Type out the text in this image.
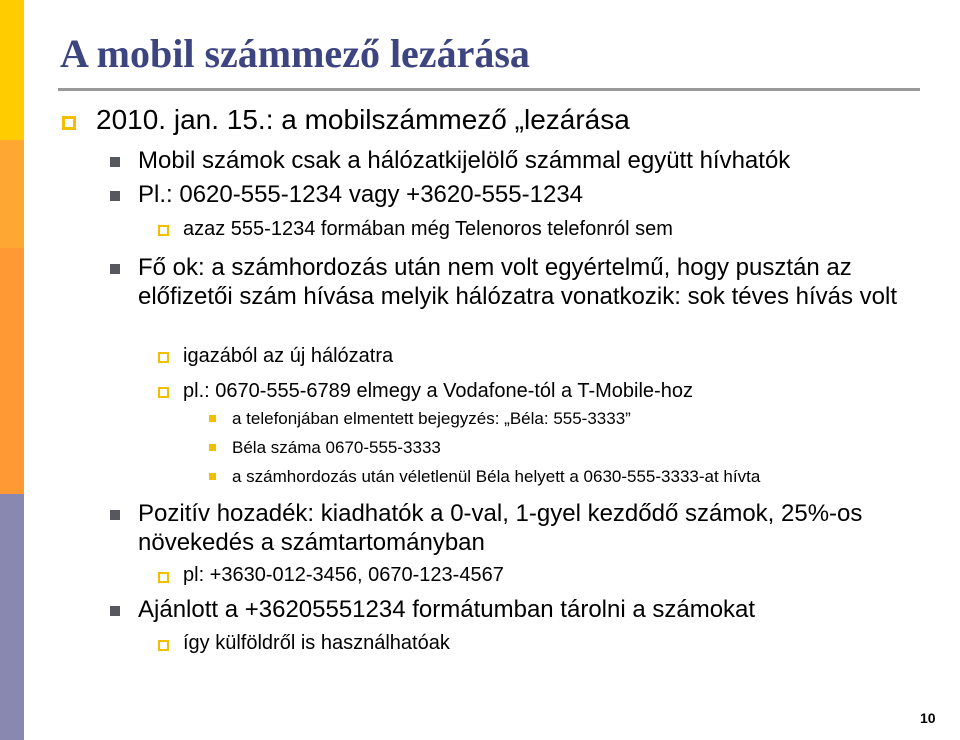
A mobil számmező lezárása
2010. jan. 15.: a mobilszámmező „lezárása
Mobil számok csak a hálózatkijelölő számmal együtt hívhatók
Pl.: 0620-555-1234 vagy +3620-555-1234
azaz 555-1234 formában még Telenoros telefonról sem
Fő ok: a számhordozás után nem volt egyértelmű, hogy pusztán az előfizetői szám hívása melyik hálózatra vonatkozik: sok téves hívás volt
igazából az új hálózatra
pl.: 0670-555-6789 elmegy a Vodafone-tól a T-Mobile-hoz
a telefonjában elmentett bejegyzés: „Béla: 555-3333”
Béla száma 0670-555-3333
a számhordozás után véletlenül Béla helyett a 0630-555-3333-at hívta
Pozitív hozadék: kiadhatók a 0-val, 1-gyel kezdődő számok, 25%-os növekedés a számtartományban
pl: +3630-012-3456, 0670-123-4567
Ajánlott a +36205551234 formátumban tárolni a számokat
így külföldről is használhatóak
10
